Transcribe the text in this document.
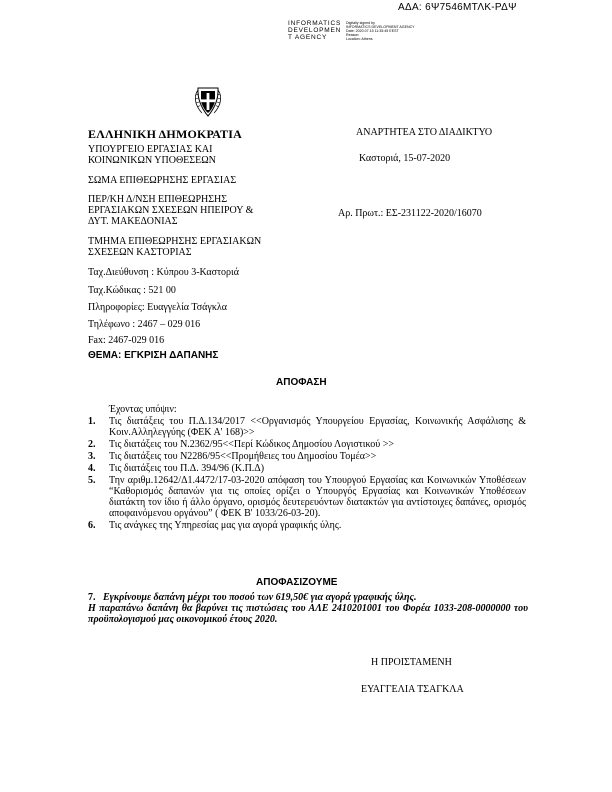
ΑΔΑ: 6Ψ7546ΜΤΛΚ-ΡΔΨ
INFORMATICS
DEVELOPMEN
T AGENCY
Digitally signed by
INFORMATICS DEVELOPMENT AGENCY
Date: 2020.07.15 11:35:45 EEST
Reason:
Location: Athens
ΕΛΛΗΝΙΚΗ ΔΗΜΟΚΡΑΤΙΑ
ΥΠΟΥΡΓΕΙΟ ΕΡΓΑΣΙΑΣ ΚΑΙ
ΚΟΙΝΩΝΙΚΩΝ ΥΠΟΘΕΣΕΩΝ
ΣΩΜΑ ΕΠΙΘΕΩΡΗΣΗΣ ΕΡΓΑΣΙΑΣ
ΠΕΡ/ΚΗ Δ/ΝΣΗ ΕΠΙΘΕΩΡΗΣΗΣ
ΕΡΓΑΣΙΑΚΩΝ ΣΧΕΣΕΩΝ ΗΠΕΙΡΟΥ &
ΔΥΤ. ΜΑΚΕΔΟΝΙΑΣ
ΤΜΗΜΑ ΕΠΙΘΕΩΡΗΣΗΣ ΕΡΓΑΣΙΑΚΩΝ
ΣΧΕΣΕΩΝ ΚΑΣΤΟΡΙΑΣ
Ταχ.Διεύθυνση : Κύπρου 3-Καστοριά
Ταχ.Κώδικας : 521 00
Πληροφορίες: Ευαγγελία Τσάγκλα
Τηλέφωνο : 2467 – 029 016
Fax: 2467-029 016
ΘΕΜΑ: ΕΓΚΡΙΣΗ ΔΑΠΑΝΗΣ
ΑΝΑΡΤΗΤΕΑ ΣΤΟ ΔΙΑΔΙΚΤΥΟ
Καστοριά, 15-07-2020
Αρ. Πρωτ.: ΕΣ-231122-2020/16070
ΑΠΟΦΑΣΗ
Έχοντας υπόψιν:
1. Τις διατάξεις του Π.Δ.134/2017 <<Οργανισμός Υπουργείου Εργασίας, Κοινωνικής Ασφάλισης & Κοιν.Αλληλεγγύης (ΦΕΚ Α' 168)>>
2. Τις διατάξεις του Ν.2362/95<<Περί Κώδικος Δημοσίου Λογιστικού >>
3. Τις διατάξεις του Ν2286/95<<Προμήθειες του Δημοσίου Τομέα>>
4. Τις διατάξεις του Π.Δ. 394/96 (Κ.Π.Δ)
5. Την αριθμ.12642/Δ1.4472/17-03-2020 απόφαση του Υπουργού Εργασίας και Κοινωνικών Υποθέσεων “Καθορισμός δαπανών για τις οποίες ορίζει ο Υπουργός Εργασίας και Κοινωνικών Υποθέσεων διατάκτη τον ίδιο ή άλλο όργανο, ορισμός δευτερευόντων διατακτών για αντίστοιχες δαπάνες, ορισμός αποφαινόμενου οργάνου” ( ΦΕΚ Β' 1033/26-03-20).
6. Τις ανάγκες της Υπηρεσίας μας για αγορά γραφικής ύλης.
ΑΠΟΦΑΣΙΖΟΥΜΕ
7. Εγκρίνουμε δαπάνη μέχρι του ποσού των 619,50€ για αγορά γραφικής ύλης.
Η παραπάνω δαπάνη θα βαρύνει τις πιστώσεις του ΑΛΕ 2410201001 του Φορέα 1033-208-0000000 του προϋπολογισμού μας οικονομικού έτους 2020.
Η ΠΡΟΙΣΤΑΜΕΝΗ
ΕΥΑΓΓΕΛΙΑ ΤΣΑΓΚΛΑ
